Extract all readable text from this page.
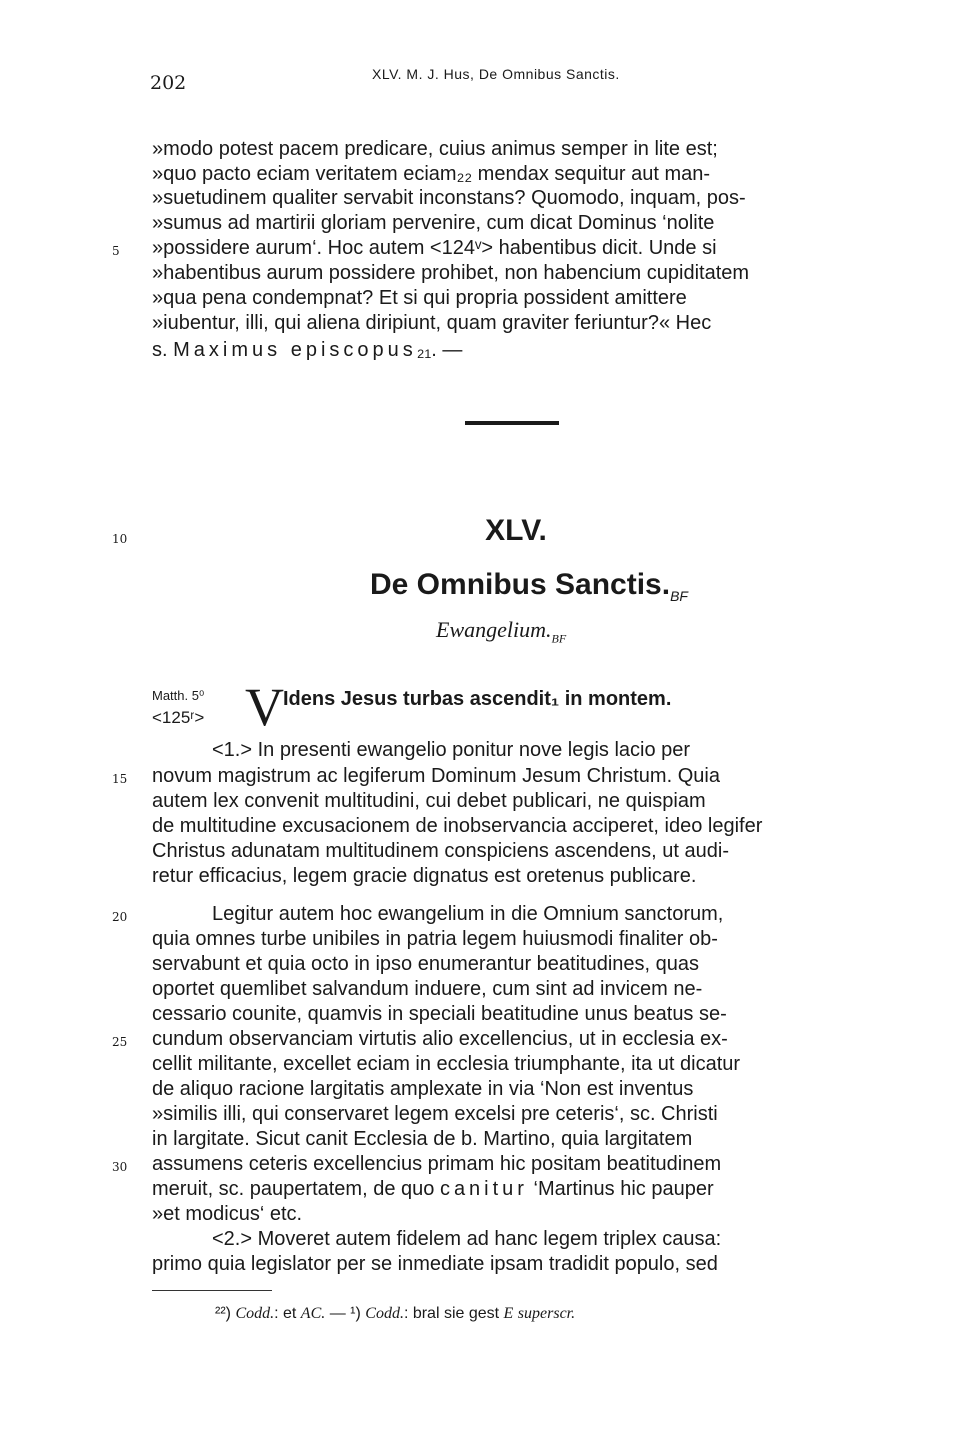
202	XLV. M. J. Hus, De Omnibus Sanctis.
»modo potest pacem predicare, cuius animus semper in lite est;
»quo pacto eciam veritatem eciam₂₂ mendax sequitur aut man-
»suetudinem qualiter servabit inconstans? Quomodo, inquam, pos-
»sumus ad martirii gloriam pervenire, cum dicat Dominus ‘nolite
»possidere aurum‘. Hoc autem <124ᵛ> habentibus dicit. Unde si
»habentibus aurum possidere prohibet, non habencium cupiditatem
»qua pena condempnat? Et si qui propria possident amittere
»iubentur, illi, qui aliena diripiunt, quam graviter feriuntur?« Hec
s. Maximus episcopus₂₁. —
5
10	XLV.
De Omnibus $Sanctis._{BF}$
$Ewangelium._{BF}$
Matth. 5⁰
<125ʳ> V Idens Jesus turbas ascendit₁ in montem.
<1.> In presenti ewangelio ponitur nove legis lacio per
novum magistrum ac legiferum Dominum Jesum Christum. Quia
autem lex convenit multitudini, cui debet publicari, ne quispiam
de multitudine excusacionem de inobservancia acciperet, ideo legifer
Christus adunatam multitudinem conspiciens ascendens, ut audi-
retur efficacius, legem gracie dignatus est oretenus publicare.
Legitur autem hoc ewangelium in die Omnium sanctorum,
quia omnes turbe unibiles in patria legem huiusmodi finaliter ob-
servabunt et quia octo in ipso enumerantur beatitudines, quas
oportet quemlibet salvandum induere, cum sint ad invicem ne-
cessario counite, quamvis in speciali beatitudine unus beatus se-
cundum observanciam virtutis alio excellencius, ut in ecclesia ex-
cellit militante, excellet eciam in ecclesia triumphante, ita ut dicatur
de aliquo racione largitatis amplexate in via ‘Non est inventus
»similis illi, qui conservaret legem excelsi pre ceteris‘, sc. Christi
in largitate. Sicut canit Ecclesia de b. Martino, quia largitatem
assumens ceteris excellencius primam hic positam beatitudinem
meruit, sc. paupertatem, de quo canitur ‘Martinus hic pauper
»et modicus‘ etc.
<2.> Moveret autem fidelem ad hanc legem triplex causa:
primo quia legislator per se inmediate ipsam tradidit populo, sed
15
20
25
30
²²) Codd.: et AC. — ¹) Codd.: bral sie gest E superscr.
